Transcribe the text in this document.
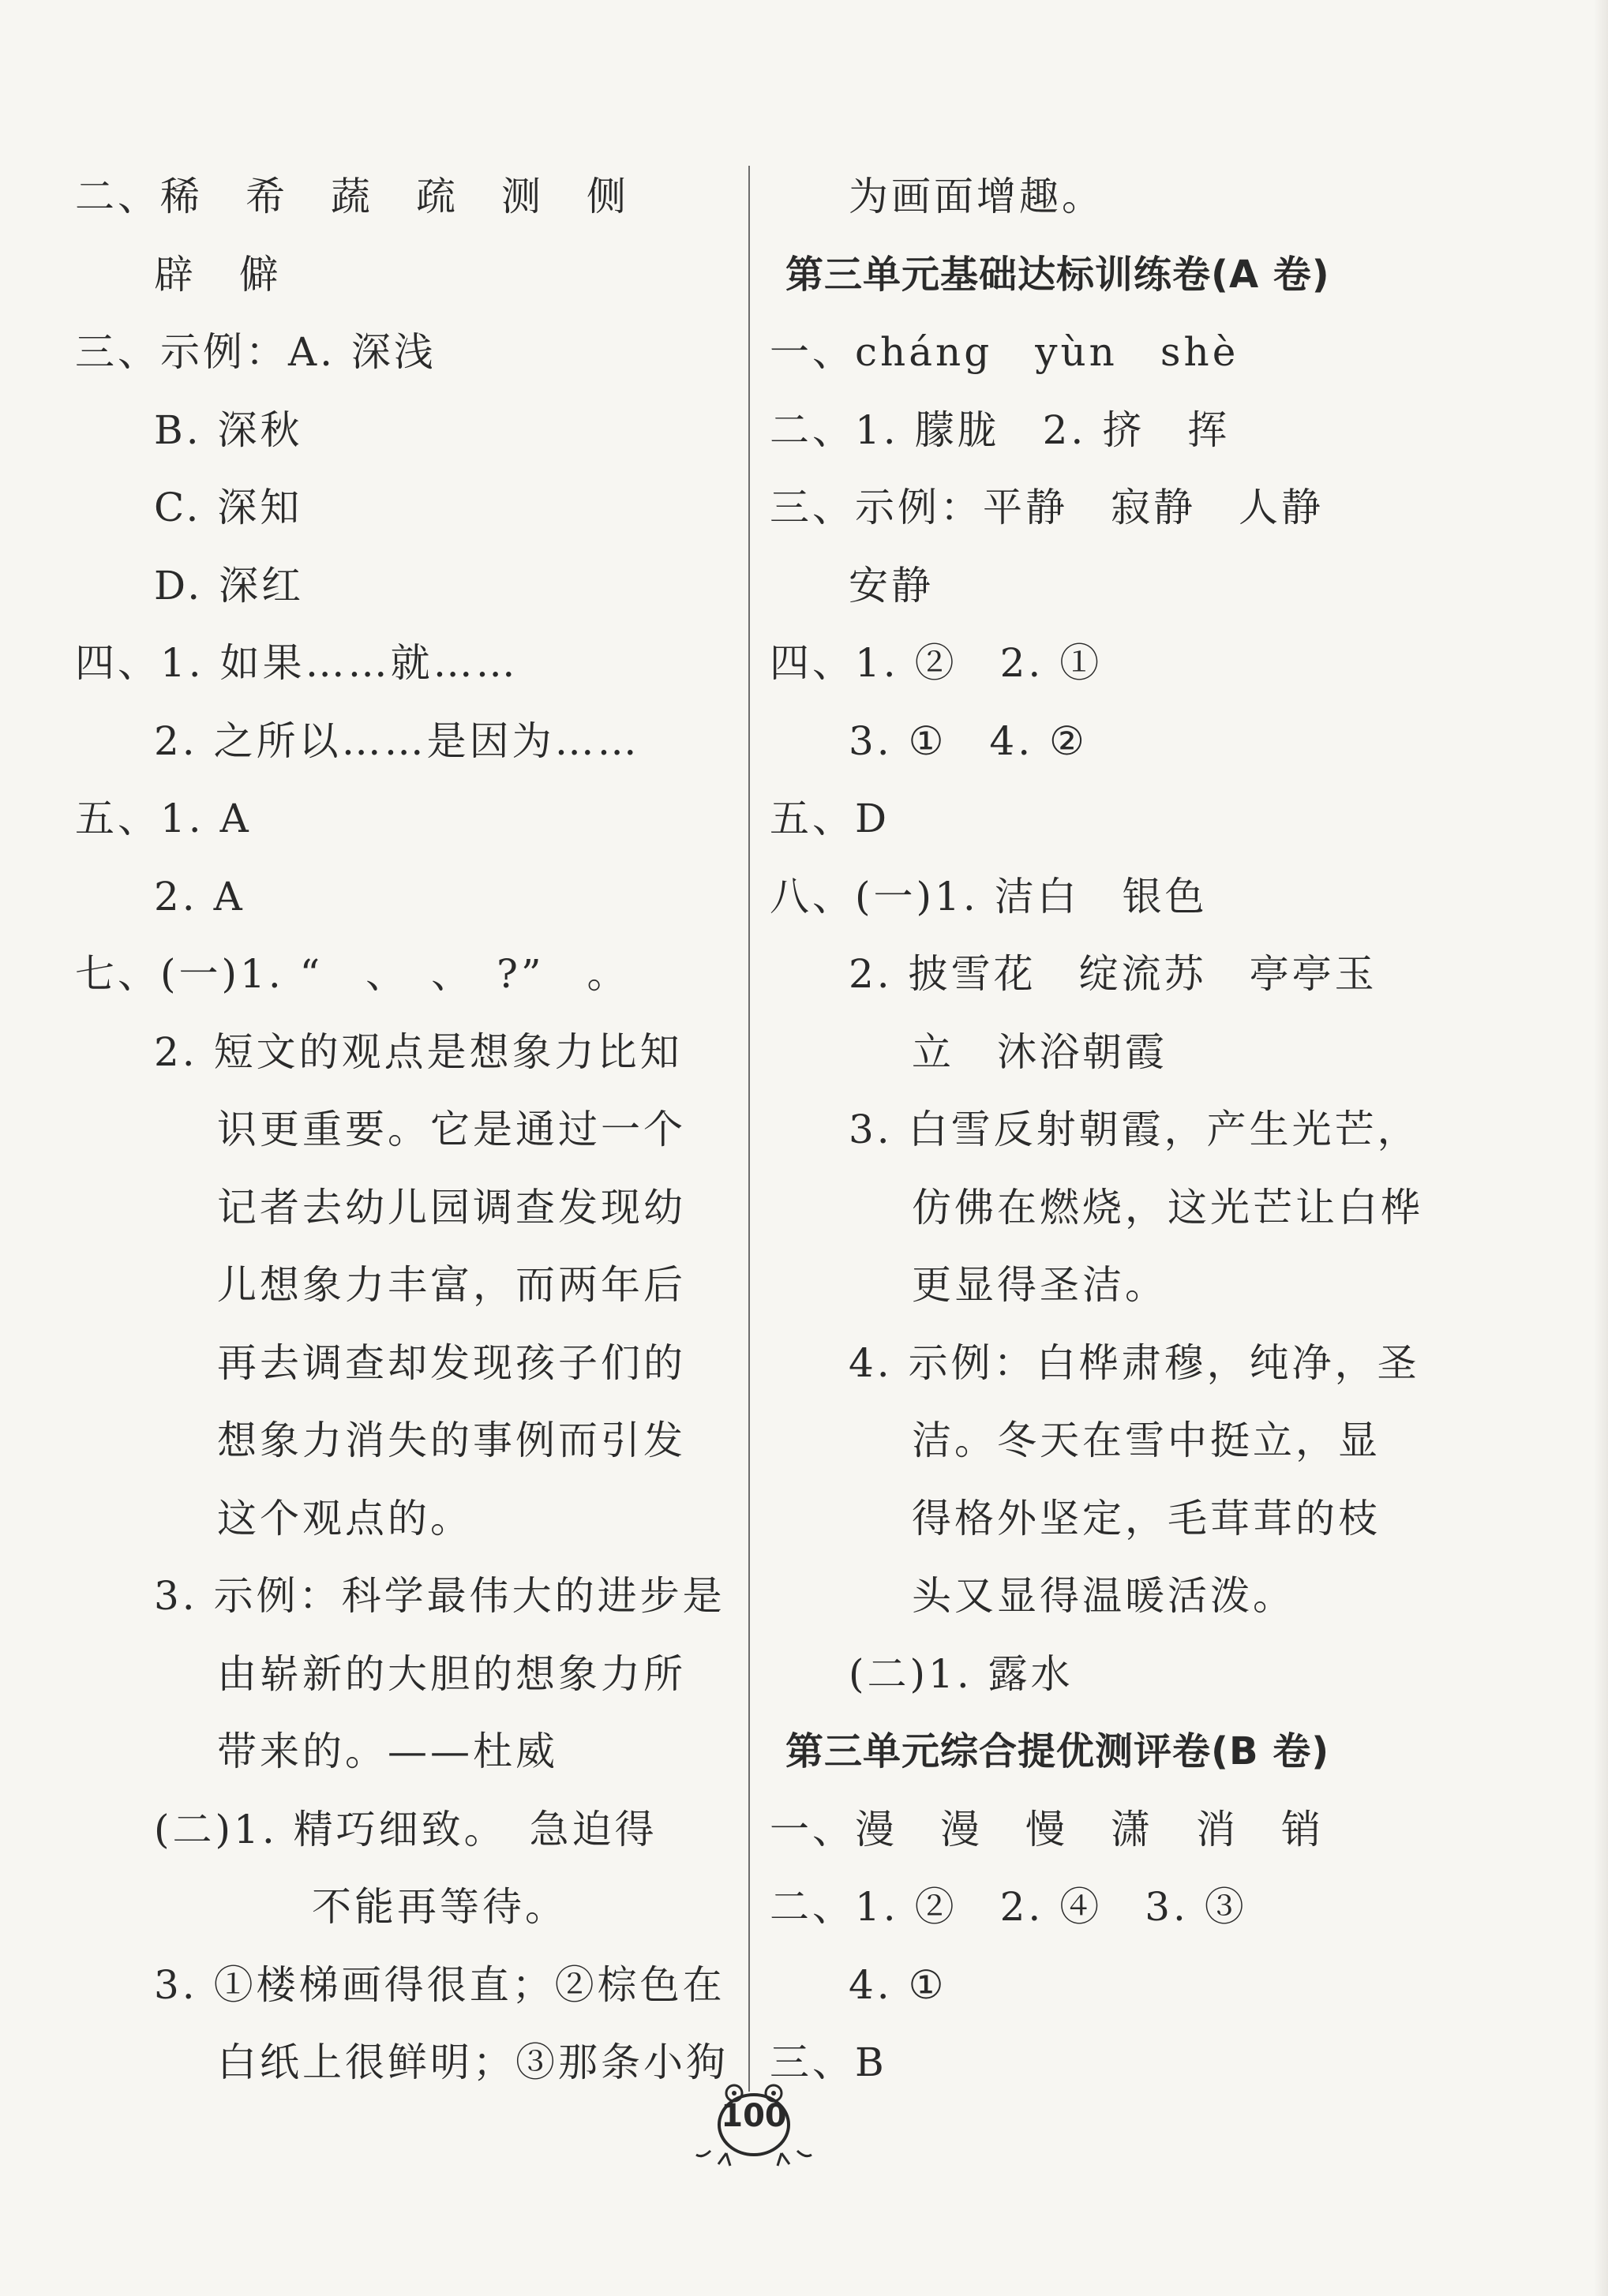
二、稀　希　蔬　疏　测　侧
辟　僻
三、示例：A. 深浅
B. 深秋
C. 深知
D. 深红
四、1. 如果……就……
2. 之所以……是因为……
五、1. A
2. A
七、(一)1. “　、　、　?”　。
2. 短文的观点是想象力比知
识更重要。它是通过一个
记者去幼儿园调查发现幼
儿想象力丰富，而两年后
再去调查却发现孩子们的
想象力消失的事例而引发
这个观点的。
3. 示例：科学最伟大的进步是
由崭新的大胆的想象力所
带来的。——杜威
(二)1. 精巧细致。　急迫得
不能再等待。
3. ①楼梯画得很直；②棕色在
白纸上很鲜明；③那条小狗
为画面增趣。
第三单元基础达标训练卷(A 卷)
一、cháng　yùn　shè
二、1. 朦胧　2. 挤　挥
三、示例：平静　寂静　人静
安静
四、1. ②　2. ①
3. ①　4. ②
五、D
八、(一)1. 洁白　银色
2. 披雪花　绽流苏　亭亭玉
立　沐浴朝霞
3. 白雪反射朝霞，产生光芒，
仿佛在燃烧，这光芒让白桦
更显得圣洁。
4. 示例：白桦肃穆，纯净，圣
洁。冬天在雪中挺立，显
得格外坚定，毛茸茸的枝
头又显得温暖活泼。
(二)1. 露水
第三单元综合提优测评卷(B 卷)
一、漫　漫　慢　潇　消　销
二、1. ②　2. ④　3. ③
4. ①
三、B
100
